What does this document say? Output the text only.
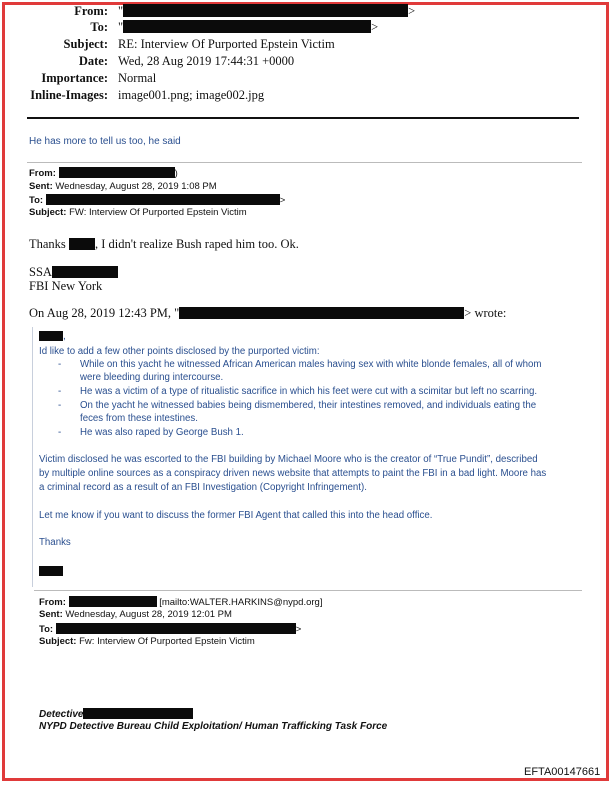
From: "	>
To: "	>
Subject: RE: Interview Of Purported Epstein Victim
Date: Wed, 28 Aug 2019 17:44:31 +0000
Importance: Normal
Inline-Images: image001.png; image002.jpg
He has more to tell us too, he said
From:	)
Sent: Wednesday, August 28, 2019 1:08 PM
To:	>
Subject: FW: Interview Of Purported Epstein Victim
Thanks , I didn't realize Bush raped him too. Ok.
SSA
FBI New York
On Aug 28, 2019 12:43 PM, "	> wrote:
,
Id like to add a few other points disclosed by the purported victim:
- While on this yacht he witnessed African American males having sex with white blonde females, all of whom
were bleeding during intercourse.
- He was a victim of a type of ritualistic sacrifice in which his feet were cut with a scimitar but left no scarring.
- On the yacht he witnessed babies being dismembered, their intestines removed, and individuals eating the
feces from these intestines.
- He was also raped by George Bush 1.
Victim disclosed he was escorted to the FBI building by Michael Moore who is the creator of “True Pundit”, described
by multiple online sources as a conspiracy driven news website that attempts to paint the FBI in a bad light. Moore has
a criminal record as a result of an FBI Investigation (Copyright Infringement).
Let me know if you want to discuss the former FBI Agent that called this into the head office.
Thanks
From:	[mailto:WALTER.HARKINS@nypd.org]
Sent: Wednesday, August 28, 2019 12:01 PM
To:	>
Subject: Fw: Interview Of Purported Epstein Victim
Detective
NYPD Detective Bureau Child Exploitation/ Human Trafficking Task Force
EFTA00147661
